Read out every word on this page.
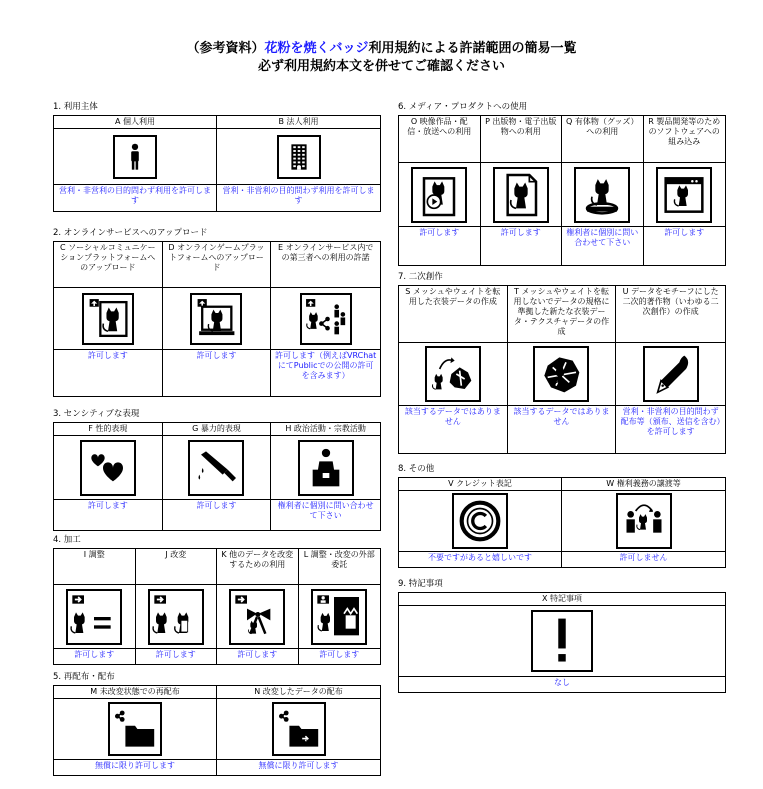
（参考資料）花粉を焼くバッジ利用規約による許諾範囲の簡易一覧
必ず利用規約本文を併せてご確認ください
1. 利用主体
A 個人利用
営利・非営利の目的問わず利用を許可します
B 法人利用
営利・非営利の目的問わず利用を許可します
2. オンラインサービスへのアップロード
C ソーシャルコミュニケーションプラットフォームへのアップロード
許可します
D オンラインゲームプラットフォームへのアップロード
許可します
E オンラインサービス内での第三者への利用の許諾
許可します（例えばVRChatにてPublicでの公開の許可を含みます）
3. センシティブな表現
F 性的表現
許可します
G 暴力的表現
許可します
H 政治活動・宗教活動
権利者に個別に問い合わせて下さい
4. 加工
I 調整
許可します
J 改変
許可します
K 他のデータを改変するための利用
許可します
L 調整・改変の外部委託
許可します
5. 再配布・配布
M 未改変状態での再配布
無償に限り許可します
N 改変したデータの配布
無償に限り許可します
6. メディア・プロダクトへの使用
O 映像作品・配信・放送への利用
許可します
P 出版物・電子出版物への利用
許可します
Q 有体物（グッズ）への利用
権利者に個別に問い合わせて下さい
R 製品開発等のためのソフトウェアへの組み込み
許可します
7. 二次創作
S メッシュやウェイトを転用した衣装データの作成
該当するデータではありません
T メッシュやウェイトを転用しないでデータの規格に準拠した新たな衣装データ・テクスチャデータの作成
該当するデータではありません
U データをモチーフにした二次的著作物（いわゆる二次創作）の作成
営利・非営利の目的問わず配布等（頒布、送信を含む）を許可します
8. その他
V クレジット表記
不要ですがあると嬉しいです
W 権利義務の譲渡等
許可しません
9. 特記事項
X 特記事項
なし
